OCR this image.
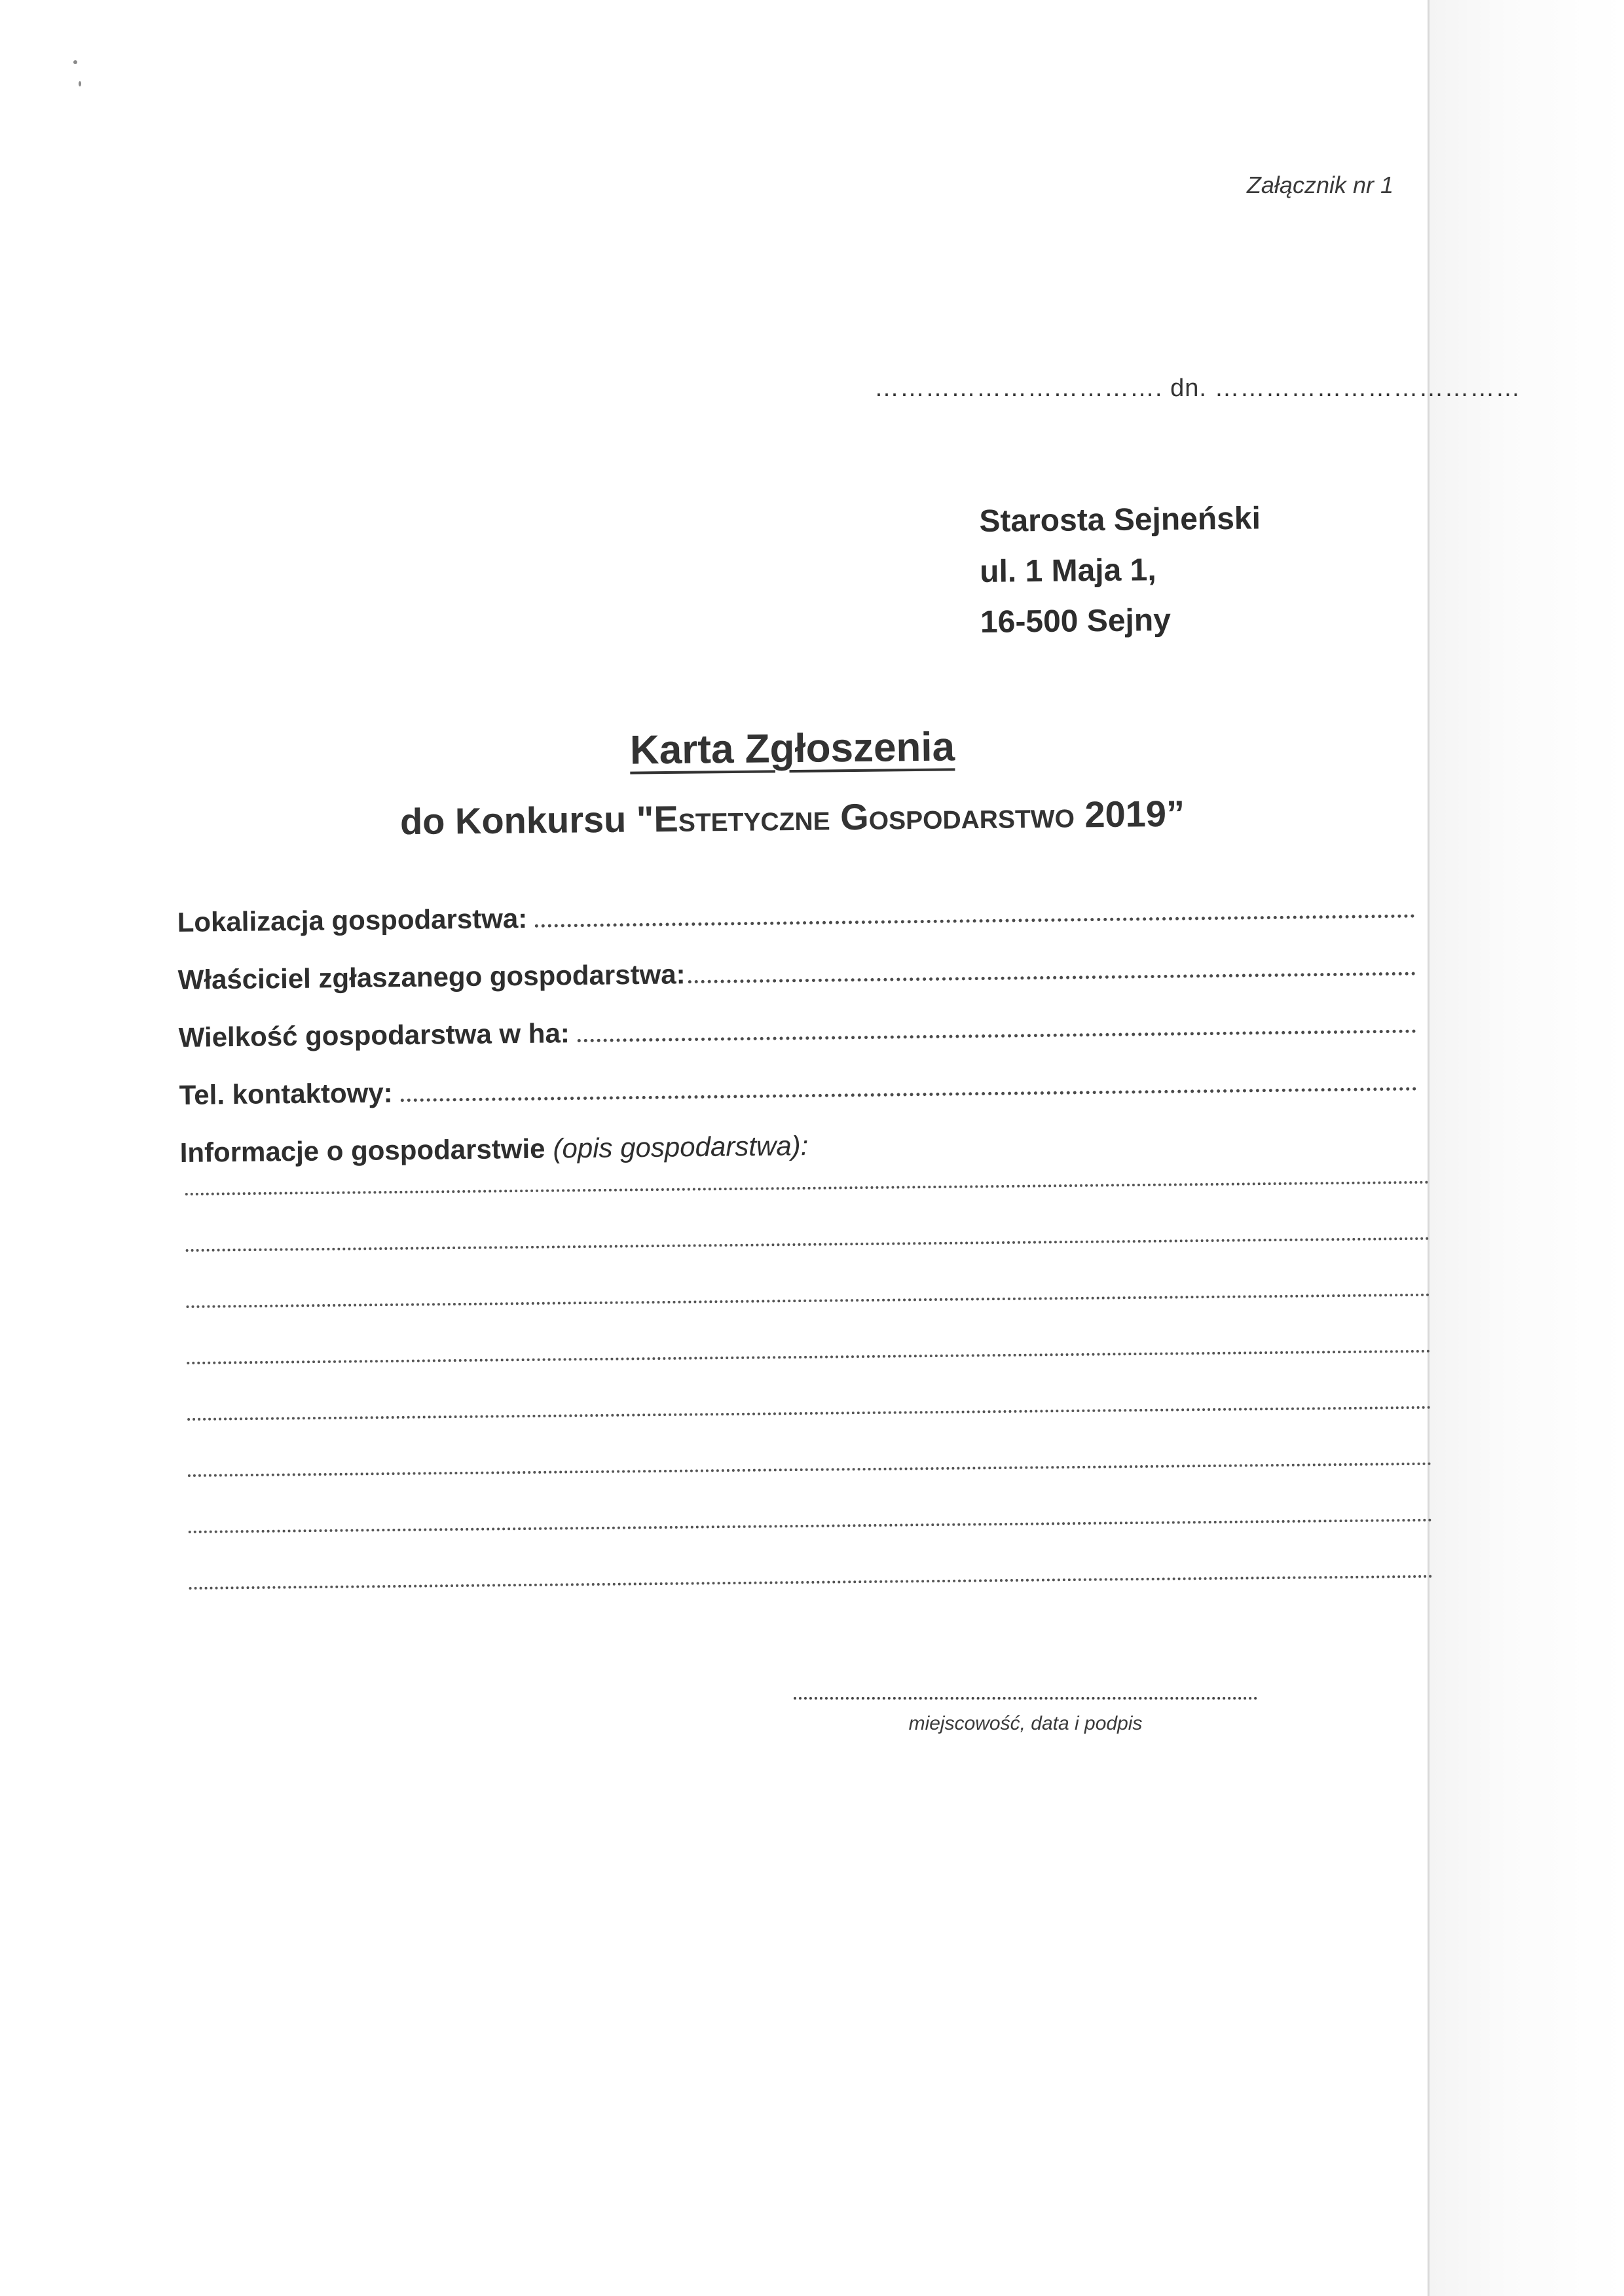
Załącznik nr 1
……………………………. dn. ………………………………
Starosta Sejneński
ul. 1 Maja 1,
16-500 Sejny
Karta Zgłoszenia
do Konkursu "Estetyczne Gospodarstwo 2019”
Lokalizacja gospodarstwa:
Właściciel zgłaszanego gospodarstwa:
Wielkość gospodarstwa w ha:
Tel. kontaktowy:
Informacje o gospodarstwie (opis gospodarstwa):
miejscowość, data i podpis
